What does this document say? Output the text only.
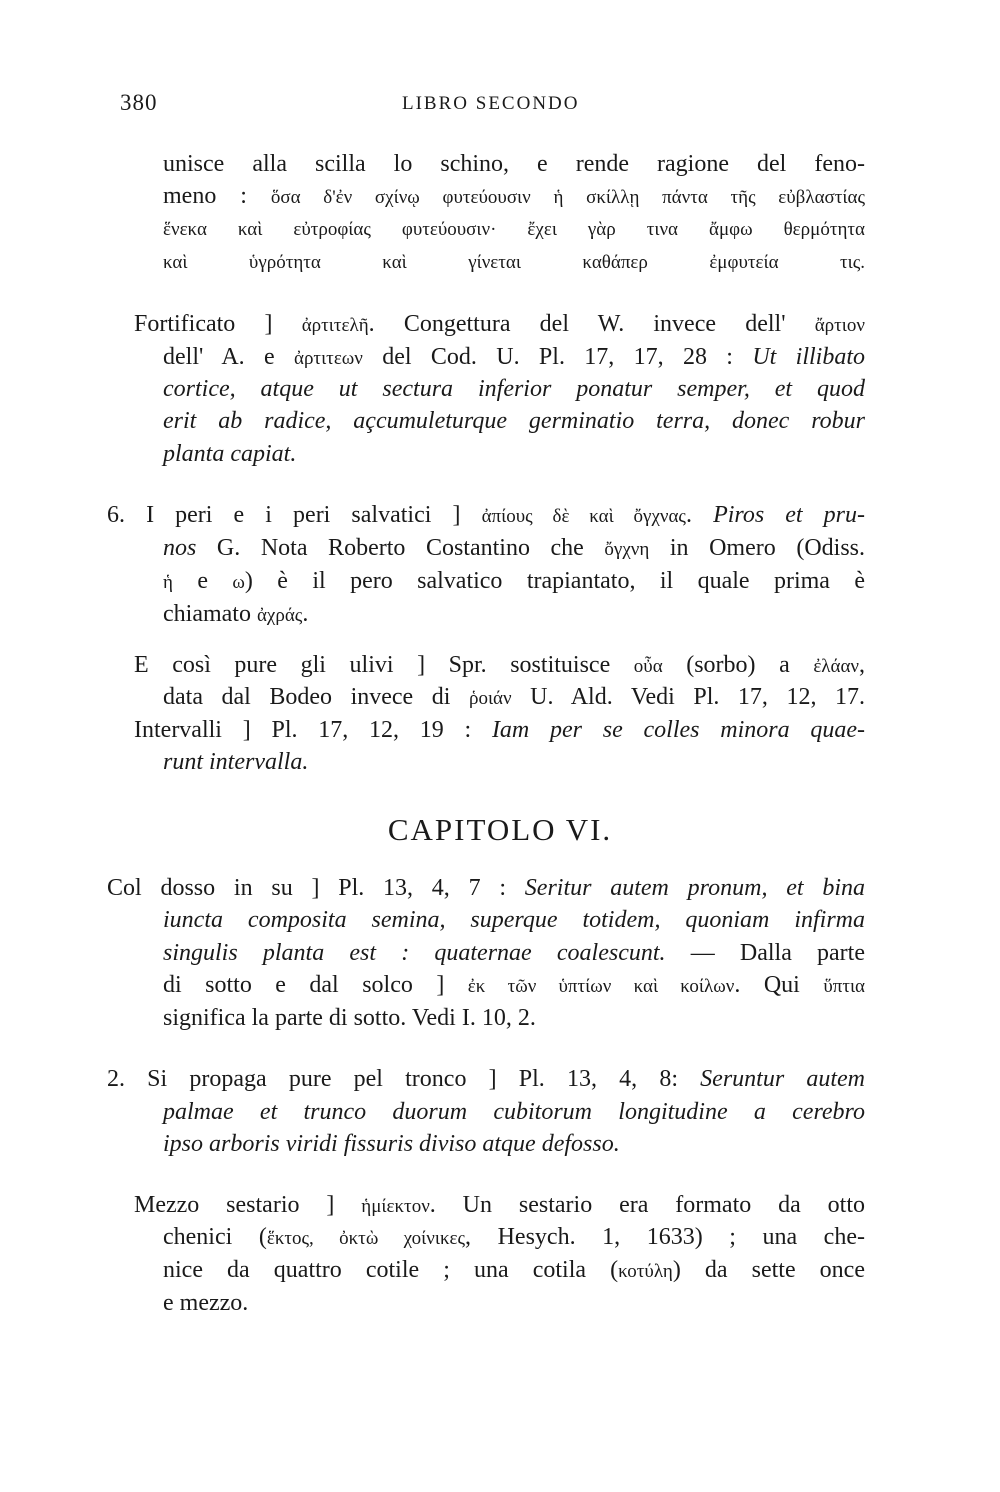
380	LIBRO SECONDO
unisce alla scilla lo schino, e rende ragione del feno-
meno : ὅσα δ'ἐν σχίνῳ φυτεύουσιν ἡ σκίλλῃ πάντα τῆς εὐβλαστίας
ἕνεκα καὶ εὐτροφίας φυτεύουσιν· ἔχει γὰρ τινα ἄμφω θερμότητα
καὶ ὑγρότητα καὶ γίνεται καθάπερ ἐμφυτεία τις.
Fortificato ] ἀρτιτελῆ. Congettura del W. invece dell' ἄρτιον
dell' A. e ἀρτιτεων del Cod. U. Pl. 17, 17, 28 : Ut illibato
cortice, atque ut sectura inferior ponatur semper, et quod
erit ab radice, açcumuleturque germinatio terra, donec robur
planta capiat.
6. I peri e i peri salvatici ] ἀπίους δὲ καὶ ὄγχνας. Piros et pru-
nos G. Nota Roberto Costantino che ὄγχνη in Omero (Odiss.
ἡ e ω) è il pero salvatico trapiantato, il quale prima è
chiamato ἀχράς.
E così pure gli ulivi ] Spr. sostituisce οὖα (sorbo) a ἐλάαν,
data dal Bodeo invece di ῥοιάν U. Ald. Vedi Pl. 17, 12, 17.
Intervalli ] Pl. 17, 12, 19 : Iam per se colles minora quae-
runt intervalla.
Col dosso in su ] Pl. 13, 4, 7 : Seritur autem pronum, et bina
iuncta composita semina, superque totidem, quoniam infirma
singulis planta est : quaternae coalescunt. — Dalla parte
di sotto e dal solco ] ἐκ τῶν ὑπτίων καὶ κοίλων. Qui ὕπτια
significa la parte di sotto. Vedi I. 10, 2.
2. Si propaga pure pel tronco ] Pl. 13, 4, 8: Seruntur autem
palmae et trunco duorum cubitorum longitudine a cerebro
ipso arboris viridi fissuris diviso atque defosso.
Mezzo sestario ] ἡμίεκτον. Un sestario era formato da otto
chenici (ἕκτος, ὀκτὼ χοίνικες, Hesych. 1, 1633) ; una che-
nice da quattro cotile ; una cotila (κοτύλη) da sette once
e mezzo.
CAPITOLO VI.
